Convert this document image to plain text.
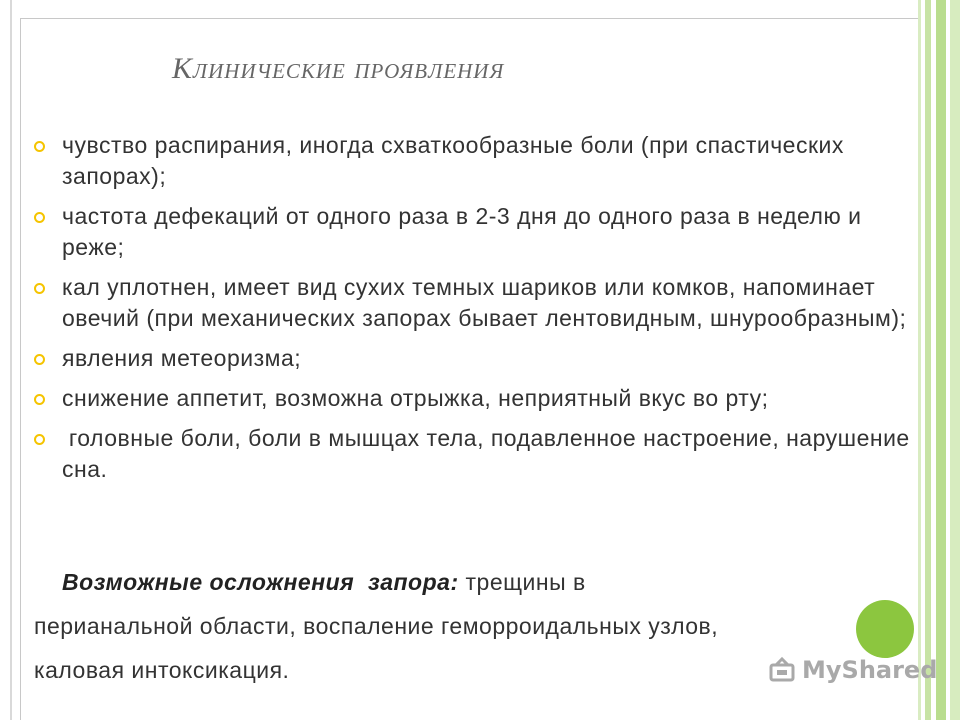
Клинические проявления
чувство распирания, иногда схваткообразные боли (при спастических запорах);
частота дефекаций от одного раза в 2-3 дня до одного раза в неделю и реже;
кал уплотнен, имеет вид сухих темных шариков или комков, напоминает овечий (при механических запорах бывает лентовидным, шнурообразным);
явления метеоризма;
снижение аппетит, возможна отрыжка, неприятный вкус во рту;
головные боли, боли в мышцах тела, подавленное настроение, нарушение сна.
Возможные осложнения  запора: трещины в
перианальной области, воспаление геморроидальных узлов,
каловая интоксикация.	MyShared
